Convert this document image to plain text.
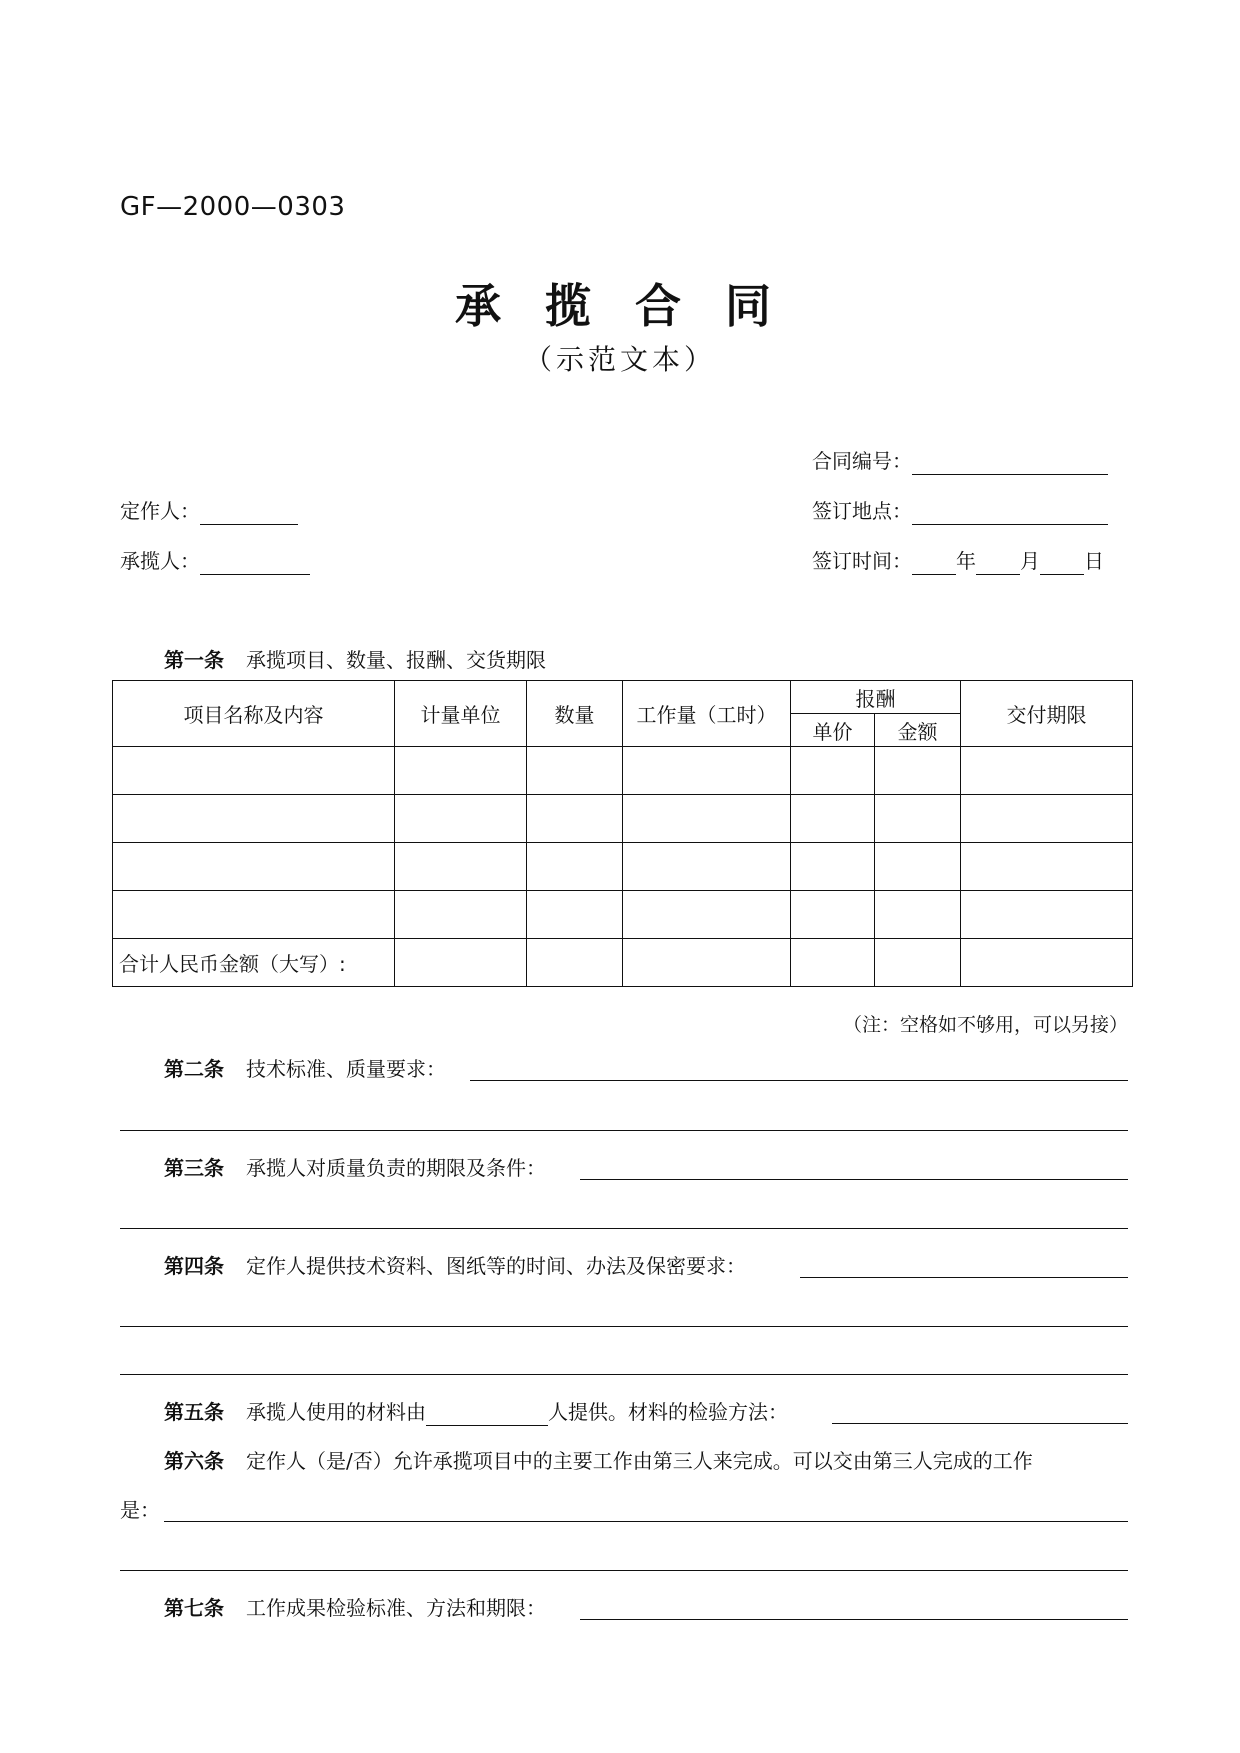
GF—2000—0303
承 揽 合 同
（示范文本）
合同编号：
定作人：	签订地点：
承揽人：	签订时间： 年 月 日
第一条 承揽项目、数量、报酬、交货期限
项目名称及内容	计量单位	数量	工作量（工时）	报酬		交付期限
				单价	金额	

合计人民币金额（大写）:						
（注：空格如不够用，可以另接）
第二条 技术标准、质量要求：
第三条 承揽人对质量负责的期限及条件：
第四条 定作人提供技术资料、图纸等的时间、办法及保密要求：
第五条 承揽人使用的材料由	人提供。材料的检验方法：
第六条 定作人（是/否）允许承揽项目中的主要工作由第三人来完成。可以交由第三人完成的工作
是：
第七条 工作成果检验标准、方法和期限：
